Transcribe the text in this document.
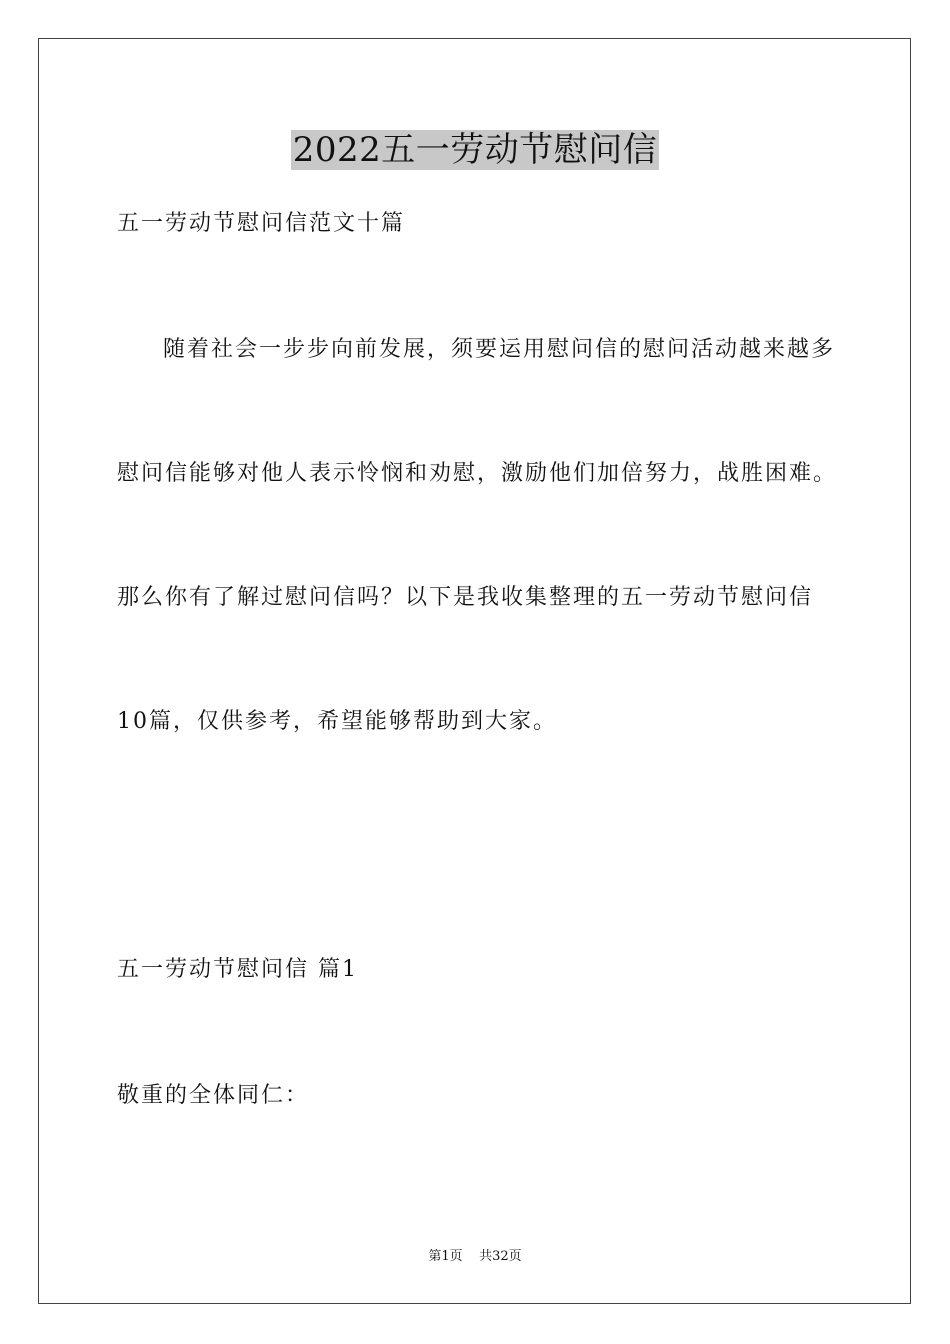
2022五一劳动节慰问信
五一劳动节慰问信范文十篇
随着社会一步步向前发展，须要运用慰问信的慰问活动越来越多
慰问信能够对他人表示怜悯和劝慰，激励他们加倍努力，战胜困难。
那么你有了解过慰问信吗？以下是我收集整理的五一劳动节慰问信
10篇，仅供参考，希望能够帮助到大家。
五一劳动节慰问信 篇1
敬重的全体同仁：
第1页    共32页
